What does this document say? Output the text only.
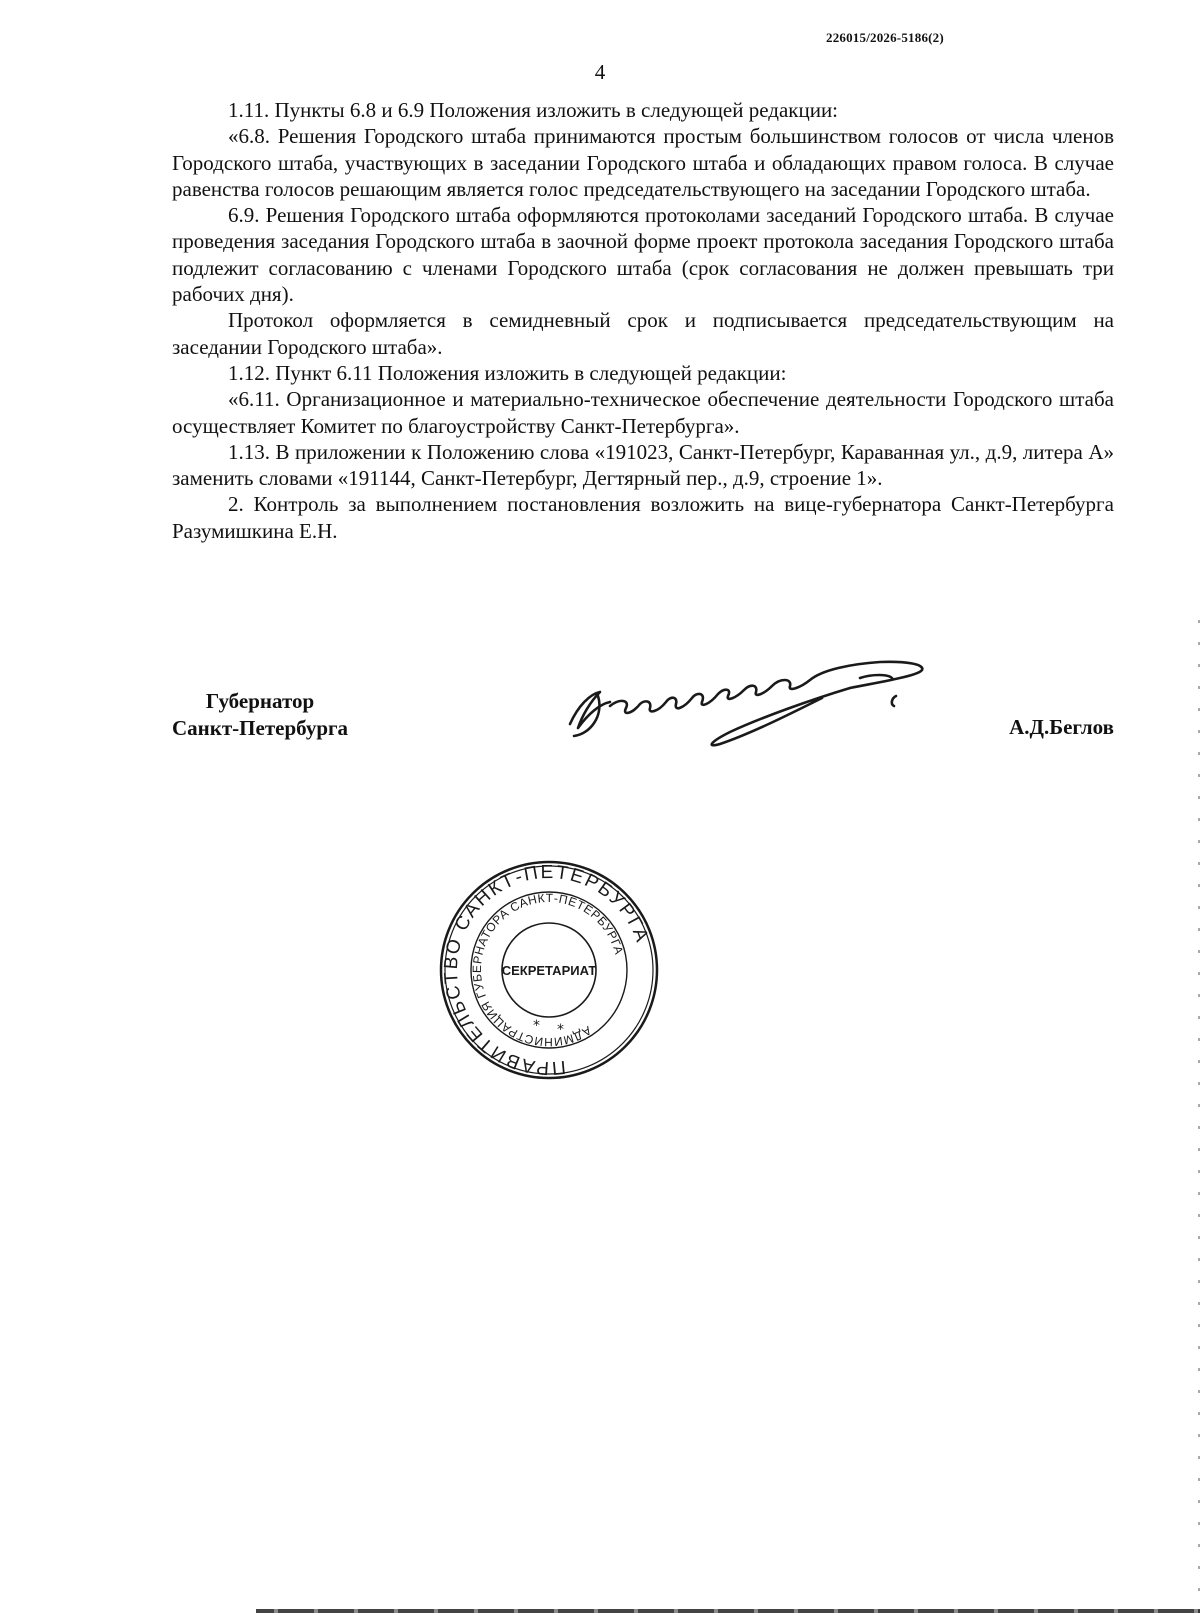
226015/2026-5186(2)
4

1.11. Пункты 6.8 и 6.9 Положения изложить в следующей редакции:

«6.8. Решения Городского штаба принимаются простым большинством голосов от числа членов Городского штаба, участвующих в заседании Городского штаба и обладающих правом голоса. В случае равенства голосов решающим является голос председательствующего на заседании Городского штаба.

6.9. Решения Городского штаба оформляются протоколами заседаний Городского штаба. В случае проведения заседания Городского штаба в заочной форме проект протокола заседания Городского штаба подлежит согласованию с членами Городского штаба (срок согласования не должен превышать три рабочих дня).

Протокол оформляется в семидневный срок и подписывается председательствующим на заседании Городского штаба».

1.12. Пункт 6.11 Положения изложить в следующей редакции:

«6.11. Организационное и материально-техническое обеспечение деятельности Городского штаба осуществляет Комитет по благоустройству Санкт-Петербурга».

1.13. В приложении к Положению слова «191023, Санкт-Петербург, Караванная ул., д.9, литера А» заменить словами «191144, Санкт-Петербург, Дегтярный пер., д.9, строение 1».

2. Контроль за выполнением постановления возложить на вице-губернатора Санкт-Петербурга Разумишкина Е.Н.

Губернатор
Санкт-Петербурга	А.Д.Беглов
ПРАВИТЕЛЬСТВО САНКТ-ПЕТЕРБУРГА
АДМИНИСТРАЦИЯ ГУБЕРНАТОРА САНКТ-ПЕТЕРБУРГА
СЕКРЕТАРИАТ
* *
